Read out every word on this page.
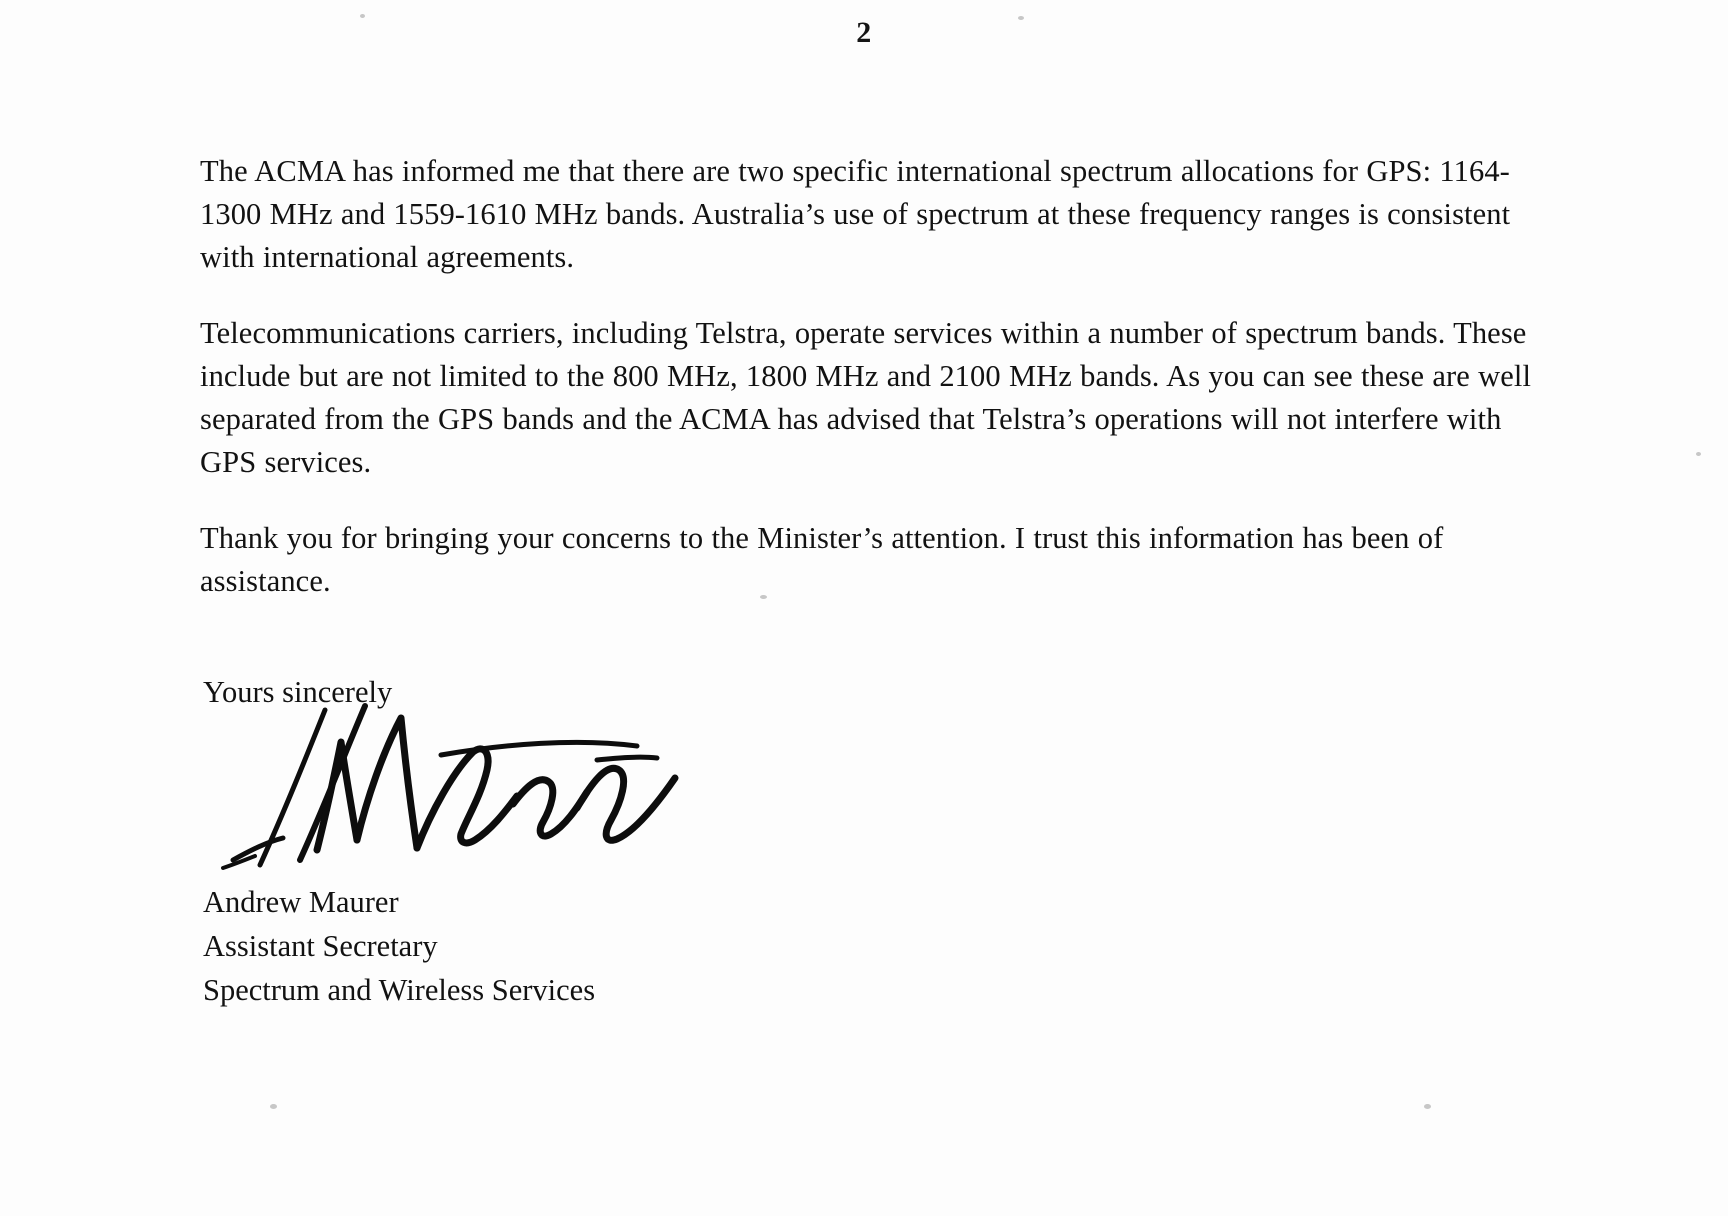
2

The ACMA has informed me that there are two specific international spectrum allocations for GPS: 1164-1300 MHz and 1559-1610 MHz bands. Australia’s use of spectrum at these frequency ranges is consistent with international agreements.

Telecommunications carriers, including Telstra, operate services within a number of spectrum bands. These include but are not limited to the 800 MHz, 1800 MHz and 2100 MHz bands. As you can see these are well separated from the GPS bands and the ACMA has advised that Telstra’s operations will not interfere with GPS services.

Thank you for bringing your concerns to the Minister’s attention. I trust this information has been of assistance.

Yours sincerely
Andrew Maurer
Assistant Secretary
Spectrum and Wireless Services
